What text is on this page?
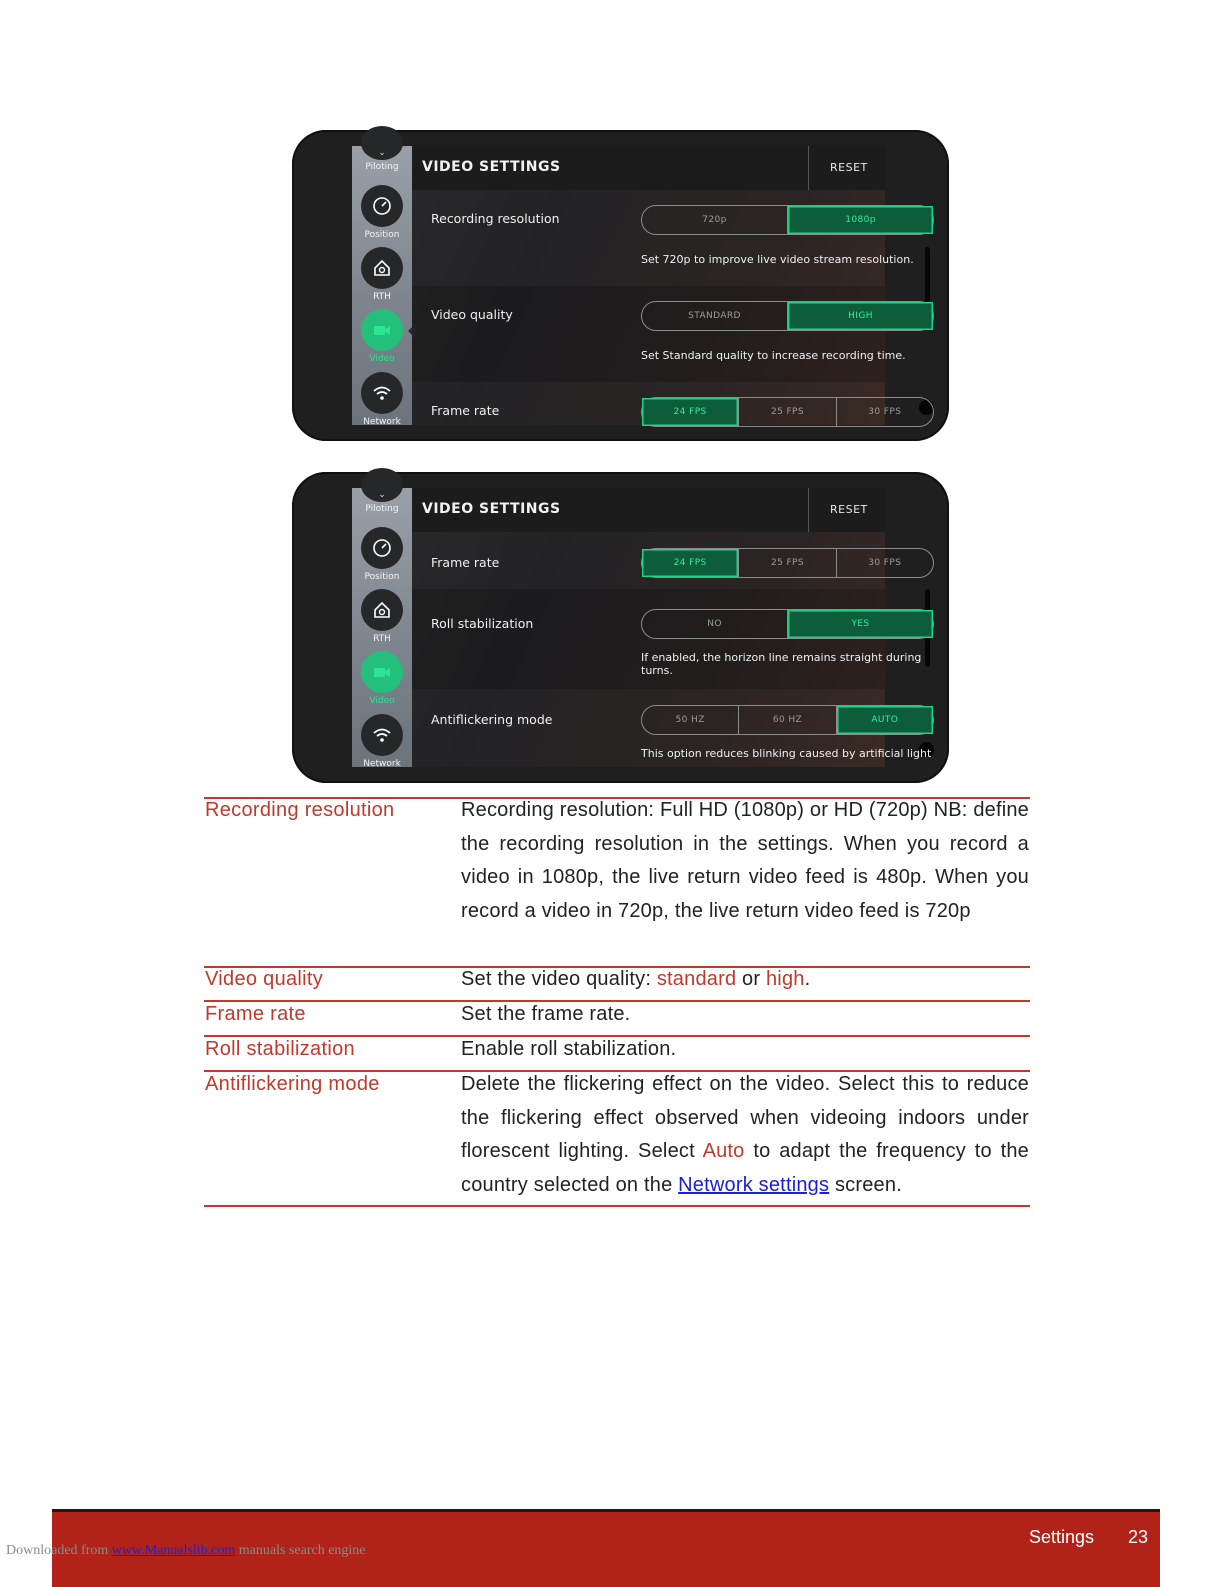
⌄
Piloting
Position
RTH
Video
Network
VIDEO SETTINGS	RESET
Recording resolution	720p	1080p
Set 720p to improve live video stream resolution.
Video quality	STANDARD	HIGH
Set Standard quality to increase recording time.
Frame rate	24 FPS	25 FPS	30 FPS
⌄
Piloting
Position
RTH
Video
Network
VIDEO SETTINGS	RESET
Frame rate	24 FPS	25 FPS	30 FPS
Roll stabilization	NO	YES
If enabled, the horizon line remains straight during turns.
Antiflickering mode	50 HZ	60 HZ	AUTO
This option reduces blinking caused by artificial light
Recording resolution	Recording resolution: Full HD (1080p) or HD (720p) NB: define the recording resolution in the settings. When you record a video in 1080p, the live return video feed is 480p. When you record a video in 720p, the live return video feed is 720p
Video quality	Set the video quality: standard or high.
Frame rate	Set the frame rate.
Roll stabilization	Enable roll stabilization.
Antiflickering mode	Delete the flickering effect on the video. Select this to reduce the flickering effect observed when videoing indoors under florescent lighting. Select Auto to adapt the frequency to the country selected on the Network settings screen.
Settings 23
Downloaded from www.Manualslib.com manuals search engine
